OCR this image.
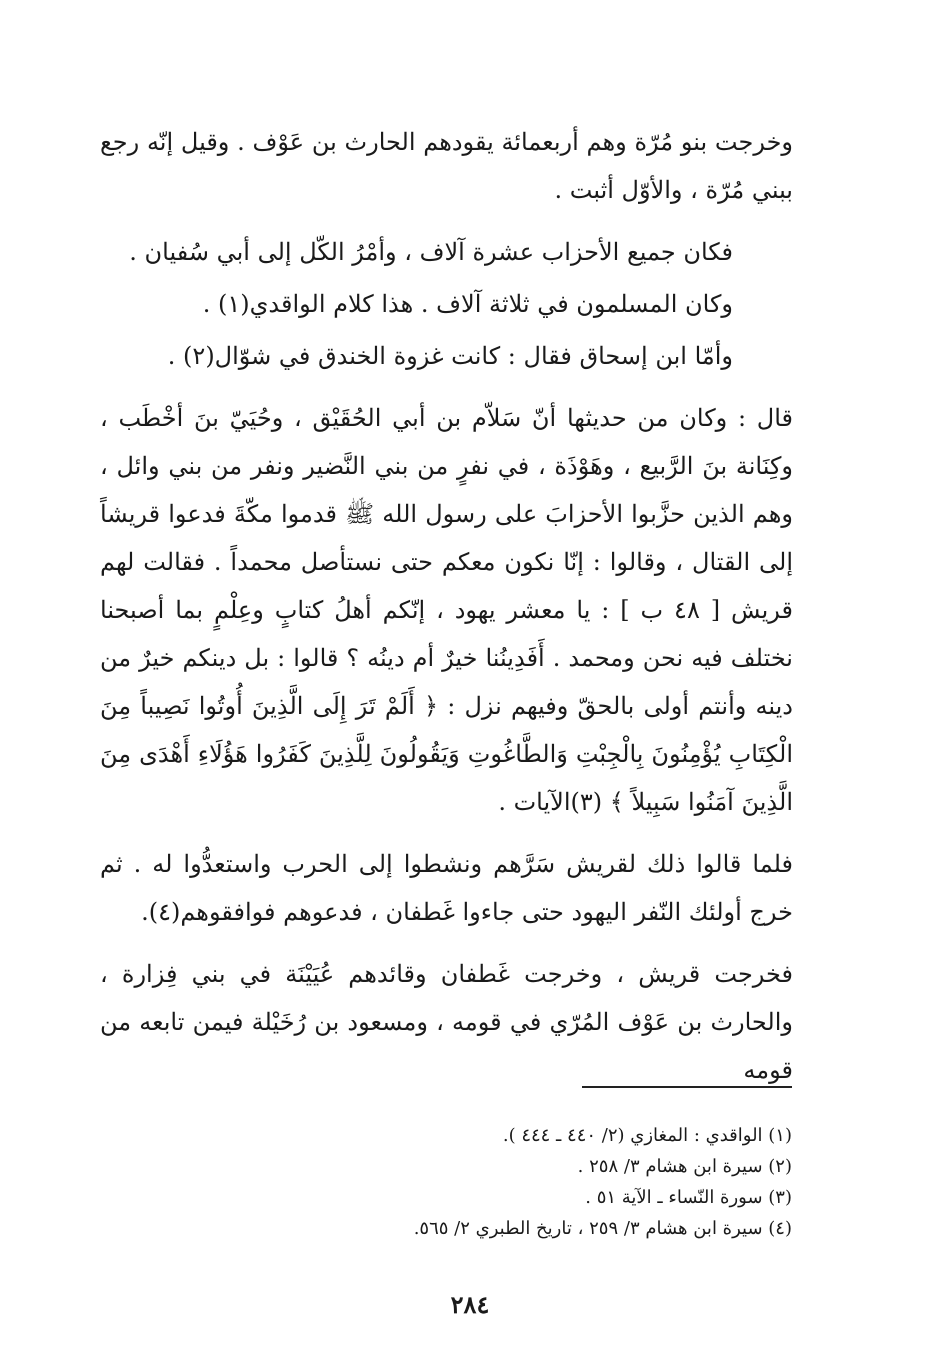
وخرجت بنو مُرّة وهم أربعمائة يقودهم الحارث بن عَوْف . وقيل إنّه رجع ببني مُرّة ، والأوّل أثبت .

فكان جميع الأحزاب عشرة آلاف ، وأمْرُ الكّل إلى أبي سُفيان .

وكان المسلمون في ثلاثة آلاف . هذا كلام الواقدي(١) .

وأمّا ابن إسحاق فقال : كانت غزوة الخندق في شوّال(٢) .

قال : وكان من حديثها أنّ سَلاّم بن أبي الحُقَيْق ، وحُيَيّ بنَ أخْطَب ، وكِنَانة بنَ الرَّبيع ، وهَوْذَة ، في نفرٍ من بني النَّضير ونفر من بني وائل ، وهم الذين حزَّبوا الأحزابَ على رسول الله ﷺ قدموا مكّةَ فدعوا قريشاً إلى القتال ، وقالوا : إنّا نكون معكم حتى نستأصل محمداً . فقالت لهم قريش [ ٤٨ ب ] : يا معشر يهود ، إنّكم أهلُ كتابٍ وعِلْمٍ بما أصبحنا نختلف فيه نحن ومحمد . أَفَدِينُنا خيرٌ أم دينُه ؟ قالوا : بل دينكم خيرٌ من دينه وأنتم أولى بالحقّ وفيهم نزل : ﴿ أَلَمْ تَرَ إِلَى الَّذِينَ أُوتُوا نَصِيباً مِنَ الْكِتَابِ يُؤْمِنُونَ بِالْجِبْتِ وَالطَّاغُوتِ وَيَقُولُونَ لِلَّذِينَ كَفَرُوا هَؤُلَاءِ أَهْدَى مِنَ الَّذِينَ آمَنُوا سَبِيلاً ﴾ (٣)الآيات .

فلما قالوا ذلك لقريش سَرَّهم ونشطوا إلى الحرب واستعدُّوا له . ثم خرج أولئك النّفر اليهود حتى جاءوا غَطفان ، فدعوهم فوافقوهم(٤).

فخرجت قريش ، وخرجت غَطفان وقائدهم عُيَيْنَة في بني فِزارة ، والحارث بن عَوْف المُرّي في قومه ، ومسعود بن رُخَيْلة فيمن تابعه من قومه

(١) الواقدي : المغازي (٢/ ٤٤٠ ـ ٤٤٤ ).

(٢) سيرة ابن هشام ٣/ ٢٥٨ .

(٣) سورة النّساء ـ الآية ٥١ .

(٤) سيرة ابن هشام ٣/ ٢٥٩ ، تاريخ الطبري ٢/ ٥٦٥.

٢٨٤
